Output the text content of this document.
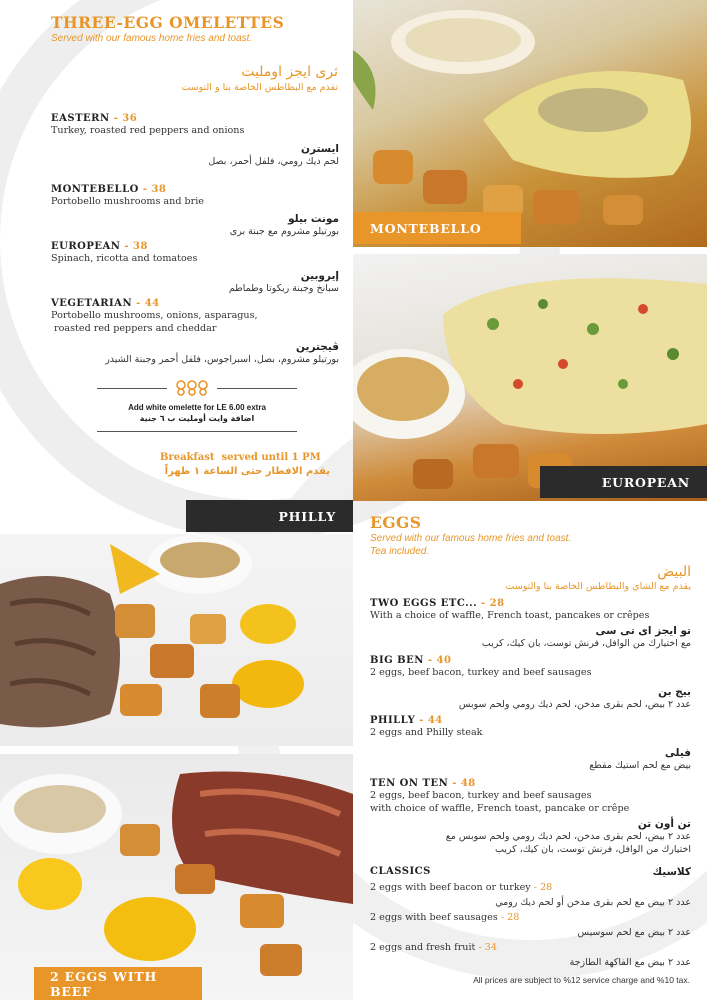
THREE-EGG OMELETTES
Served with our famous home fries and toast.
ثرى ايجز اومليت
تقدم مع البطاطس الخاصة بنا و التوست
EASTERN - 36
Turkey, roasted red peppers and onions
ايسترن
لحم ديك رومي، فلفل أحمر، بصل
MONTEBELLO - 38
Portobello mushrooms and brie
مونت بيلو
بورتيلو مشروم مع جبنة برى
EUROPEAN - 38
Spinach, ricotta and tomatoes
إيروبين
سبانخ وجبنة ريكوتا وطماطم
VEGETARIAN - 44
Portobello mushrooms, onions, asparagus,
roasted red peppers and cheddar
ڤيجترين
بورتيلو مشروم، بصل، اسبراجوس، فلفل أحمر وجبنة الشيدر
Add white omelette for LE 6.00 extra
اضافة وايت أومليت ب ٦ جنية
Breakfast  served until 1 PM
يقدم الافطار حتى الساعة ١ ظهراً
MONTEBELLO
EUROPEAN
PHILLY
2 EGGS WITH BEEF
EGGS
Served with our famous home fries and toast.
Tea included.
البيض
يقدم مع الشاي والبطاطس الخاصة بنا والتوست
TWO EGGS ETC... - 28
With a choice of waffle, French toast, pancakes or crêpes
تو ايجز اى تى سى
مع اختيارك من الوافل، فرنش توست، بان كيك، كريب
BIG BEN - 40
2 eggs, beef bacon, turkey and beef sausages
بيج بن
عدد ٢ بيض، لحم بقرى مدخن، لحم ديك رومي ولحم سوبس
PHILLY - 44
2 eggs and Philly steak
فيلى
بيض مع لحم استيك مقطع
TEN ON TEN - 48
2 eggs, beef bacon, turkey and beef sausages
with choice of waffle, French toast, pancake or crêpe
تن أون تن
عدد ٢ بيض، لحم بقرى مدخن، لحم ديك رومي ولحم سوبس مع
اختيارك من الوافل، فرنش توست، بان كيك، كريب
CLASSICS	كلاسيك
2 eggs with beef bacon or turkey - 28
عدد ٢ بيض مع لحم بقرى مدخن أو لحم ديك رومي
2 eggs with beef sausages - 28
عدد ٢ بيض مع لحم سوسيس
2 eggs and fresh fruit - 34
عدد ٢ بيض مع الفاكهة الطازجة
All prices are subject to %12 service charge and %10 tax.
